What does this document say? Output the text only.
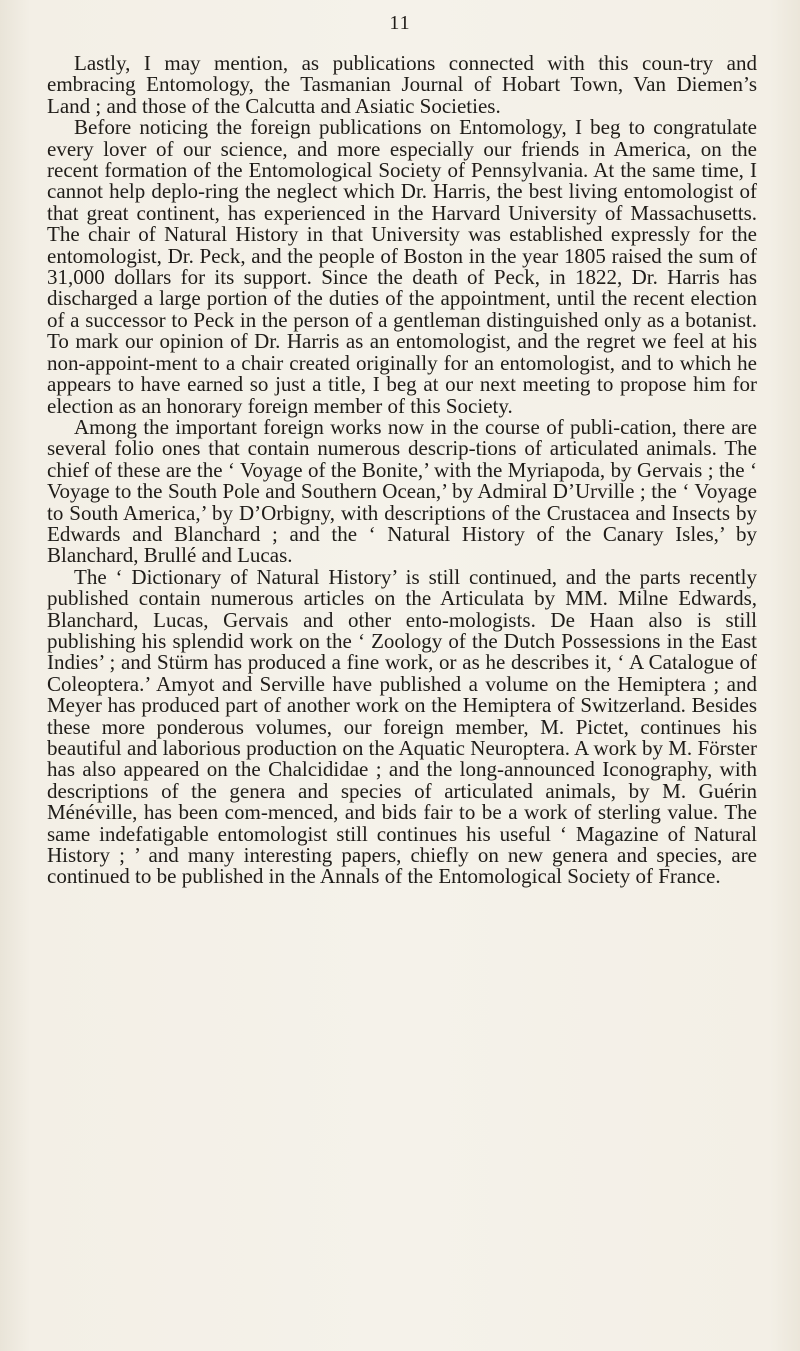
11

Lastly, I may mention, as publications connected with this coun-try and embracing Entomology, the Tasmanian Journal of Hobart Town, Van Diemen’s Land ; and those of the Calcutta and Asiatic Societies.

Before noticing the foreign publications on Entomology, I beg to congratulate every lover of our science, and more especially our friends in America, on the recent formation of the Entomological Society of Pennsylvania. At the same time, I cannot help deplo-ring the neglect which Dr. Harris, the best living entomologist of that great continent, has experienced in the Harvard University of Massachusetts. The chair of Natural History in that University was established expressly for the entomologist, Dr. Peck, and the people of Boston in the year 1805 raised the sum of 31,000 dollars for its support. Since the death of Peck, in 1822, Dr. Harris has discharged a large portion of the duties of the appointment, until the recent election of a successor to Peck in the person of a gentleman distinguished only as a botanist. To mark our opinion of Dr. Harris as an entomologist, and the regret we feel at his non-appoint-ment to a chair created originally for an entomologist, and to which he appears to have earned so just a title, I beg at our next meeting to propose him for election as an honorary foreign member of this Society.

Among the important foreign works now in the course of publi-cation, there are several folio ones that contain numerous descrip-tions of articulated animals. The chief of these are the ‘ Voyage of the Bonite,’ with the Myriapoda, by Gervais ; the ‘ Voyage to the South Pole and Southern Ocean,’ by Admiral D’Urville ; the ‘ Voyage to South America,’ by D’Orbigny, with descriptions of the Crustacea and Insects by Edwards and Blanchard ; and the ‘ Natural History of the Canary Isles,’ by Blanchard, Brullé and Lucas.

The ‘ Dictionary of Natural History’ is still continued, and the parts recently published contain numerous articles on the Articulata by MM. Milne Edwards, Blanchard, Lucas, Gervais and other ento-mologists. De Haan also is still publishing his splendid work on the ‘ Zoology of the Dutch Possessions in the East Indies’ ; and Stürm has produced a fine work, or as he describes it, ‘ A Catalogue of Coleoptera.’ Amyot and Serville have published a volume on the Hemiptera ; and Meyer has produced part of another work on the Hemiptera of Switzerland. Besides these more ponderous volumes, our foreign member, M. Pictet, continues his beautiful and laborious production on the Aquatic Neuroptera. A work by M. Förster has also appeared on the Chalcididae ; and the long-announced Iconography, with descriptions of the genera and species of articulated animals, by M. Guérin Ménéville, has been com-menced, and bids fair to be a work of sterling value. The same indefatigable entomologist still continues his useful ‘ Magazine of Natural History ; ’ and many interesting papers, chiefly on new genera and species, are continued to be published in the Annals of the Entomological Society of France.
